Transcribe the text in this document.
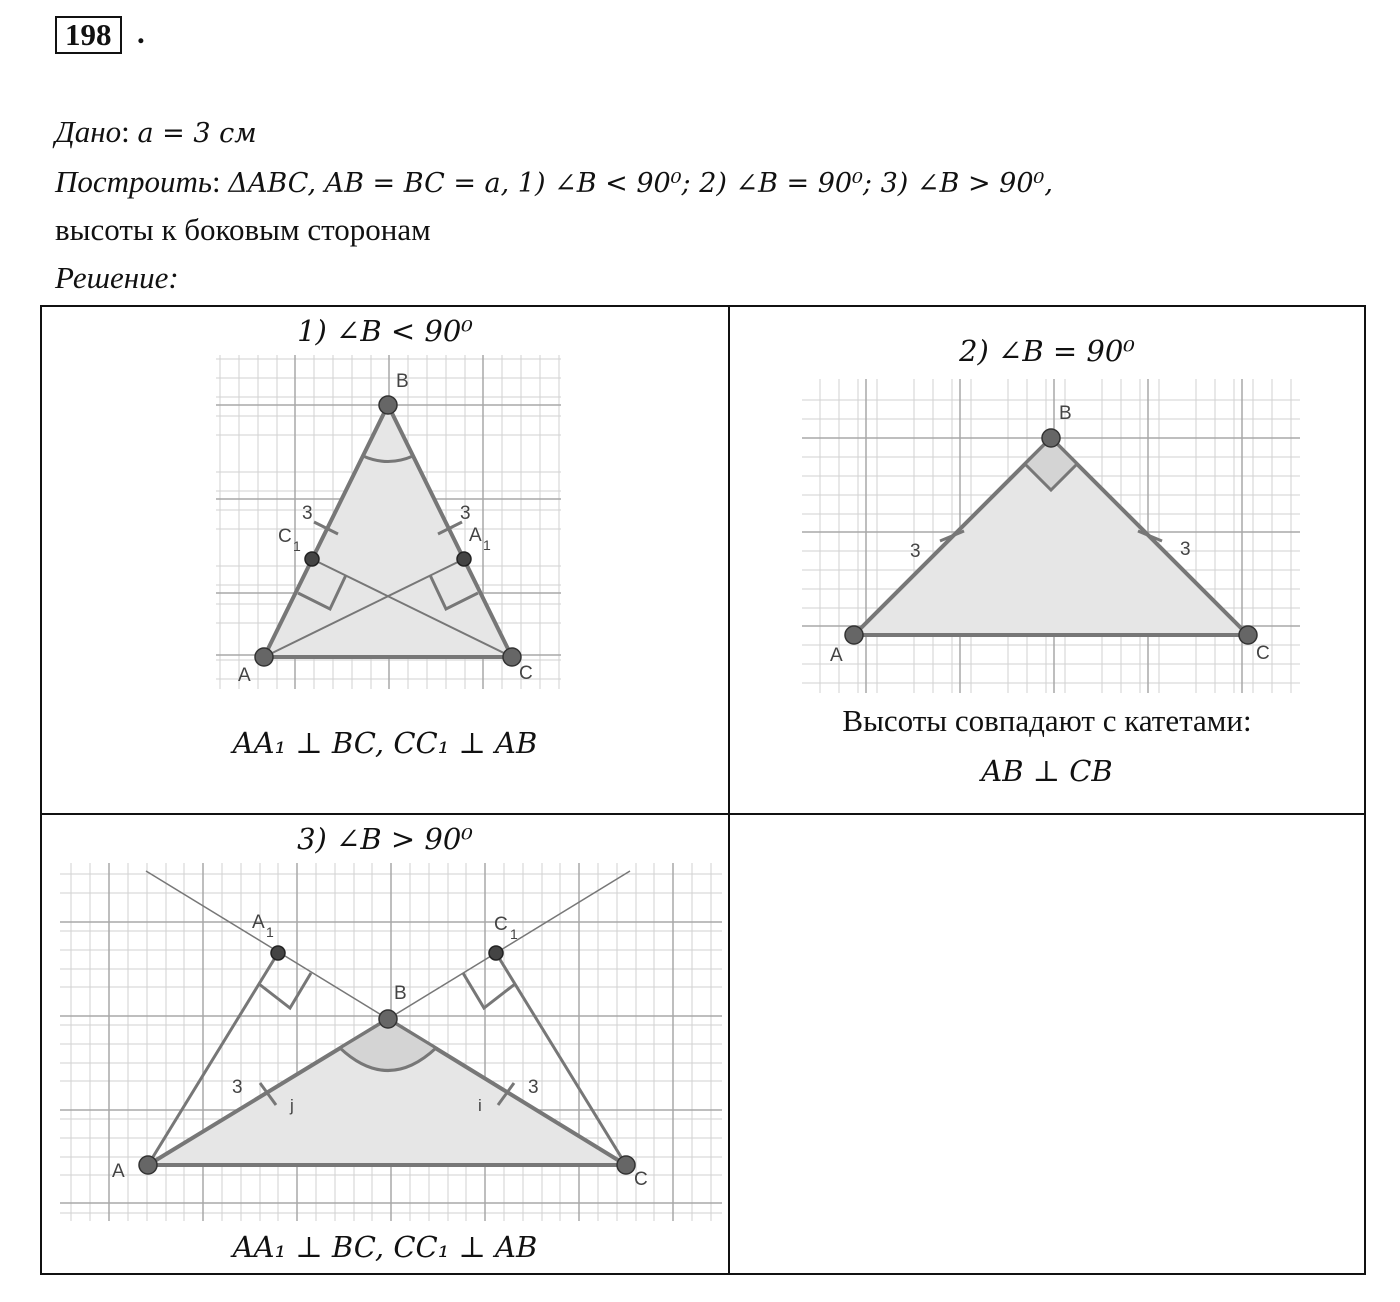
198 .
Дано: a = 3 см
Построить: ΔABC, AB = BC = a, 1) ∠B < 90⁰; 2) ∠B = 90⁰; 3) ∠B > 90⁰,
высоты к боковым сторонам
Решение:
1) ∠B < 90⁰
A
B
C
C 1	A 1
3	3
AA₁ ⊥ BC, CC₁ ⊥ AB
2) ∠B = 90⁰
A
B
C
3	3
Высоты совпадают с катетами:
AB ⊥ CB
3) ∠B > 90⁰
A
B
C
A 1	C 1
3	3
j	i
AA₁ ⊥ BC, CC₁ ⊥ AB
